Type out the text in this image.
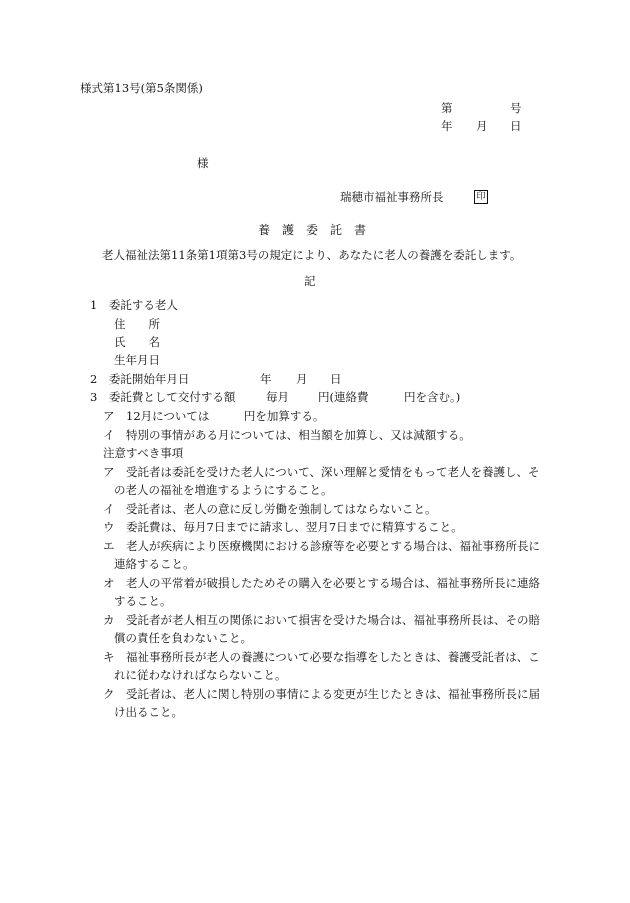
様式第13号(第5条関係)
第	号
年 月 日
様
瑞穂市福祉事務所長	印
養　護　委　託　書
老人福祉法第11条第1項第3号の規定により、あなたに老人の養護を委託します。
記
1　委託する老人
住　　所
氏　　名
生年月日
2　委託開始年月日	年 月 日
3　委託費として交付する額	毎月	円(連絡費	円を含む。)
ア　12月については　　　円を加算する。
イ　特別の事情がある月については、相当額を加算し、又は減額する。
注意すべき事項
ア　受託者は委託を受けた老人について、深い理解と愛情をもって老人を養護し、そ
の老人の福祉を増進するようにすること。
イ　受託者は、老人の意に反し労働を強制してはならないこと。
ウ　委託費は、毎月7日までに請求し、翌月7日までに精算すること。
エ　老人が疾病により医療機関における診療等を必要とする場合は、福祉事務所長に
連絡すること。
オ　老人の平常着が破損したためその購入を必要とする場合は、福祉事務所長に連絡
すること。
カ　受託者が老人相互の関係において損害を受けた場合は、福祉事務所長は、その賠
償の責任を負わないこと。
キ　福祉事務所長が老人の養護について必要な指導をしたときは、養護受託者は、こ
れに従わなければならないこと。
ク　受託者は、老人に関し特別の事情による変更が生じたときは、福祉事務所長に届
け出ること。
